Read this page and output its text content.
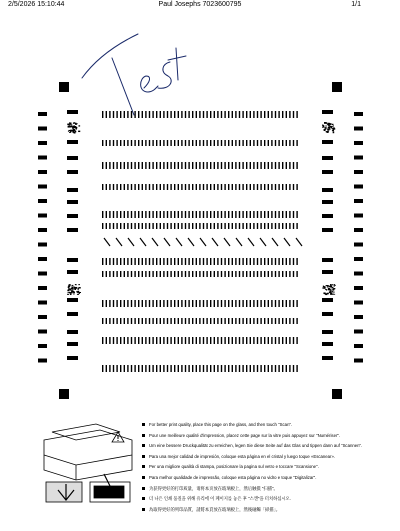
2/5/2026 15:10:44	Paul Josephs 7023600795	1/1
For better print quality, place this page on the glass, and then touch "Scan".
Pour une meilleure qualité d'impression, placez cette page sur la vitre puis appuyez sur "Numériser".
Um eine bessere Druckqualität zu erreichen, legen Sie diese Seite auf das Glas und tippen dann auf "Scannen".
Para una mejor calidad de impresión, coloque esta página en el cristal y luego toque «Escanear».
Per una migliore qualità di stampa, posizionare la pagina sul vetro e toccare "Scansione".
Para melhor qualidade de impressão, coloque esta página no vidro e toque "Digitalizar".
为获得更好的打印质量，请将本页放在玻璃板上，然后触摸 "扫描"。
더 나은 인쇄 품질을 위해 유리에 이 페이지를 놓은 후 "스캔"을 터치하십시오.
為取得更好的列印品質，請將本頁放在玻璃板上，然後碰觸「掃描」。
